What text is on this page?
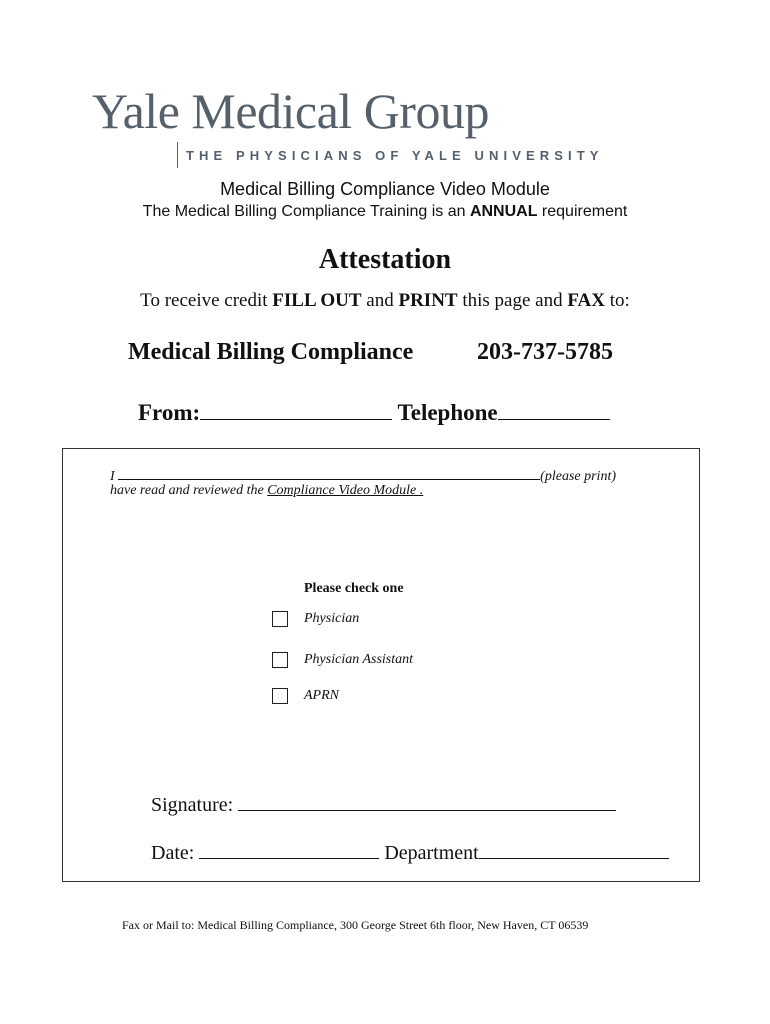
Yale Medical Group
THE PHYSICIANS OF YALE UNIVERSITY
Medical Billing Compliance Video Module
The Medical Billing Compliance Training is an ANNUAL requirement
Attestation
To receive credit FILL OUT and PRINT this page and FAX to:
Medical Billing Compliance	203-737-5785
From:	Telephone
I	(please print)
have read and reviewed the Compliance Video Module .
Please check one
Physician
Physician Assistant
APRN
Signature:
Date:	Department
Fax or Mail to: Medical Billing Compliance, 300 George Street 6th floor, New Haven, CT 06539
